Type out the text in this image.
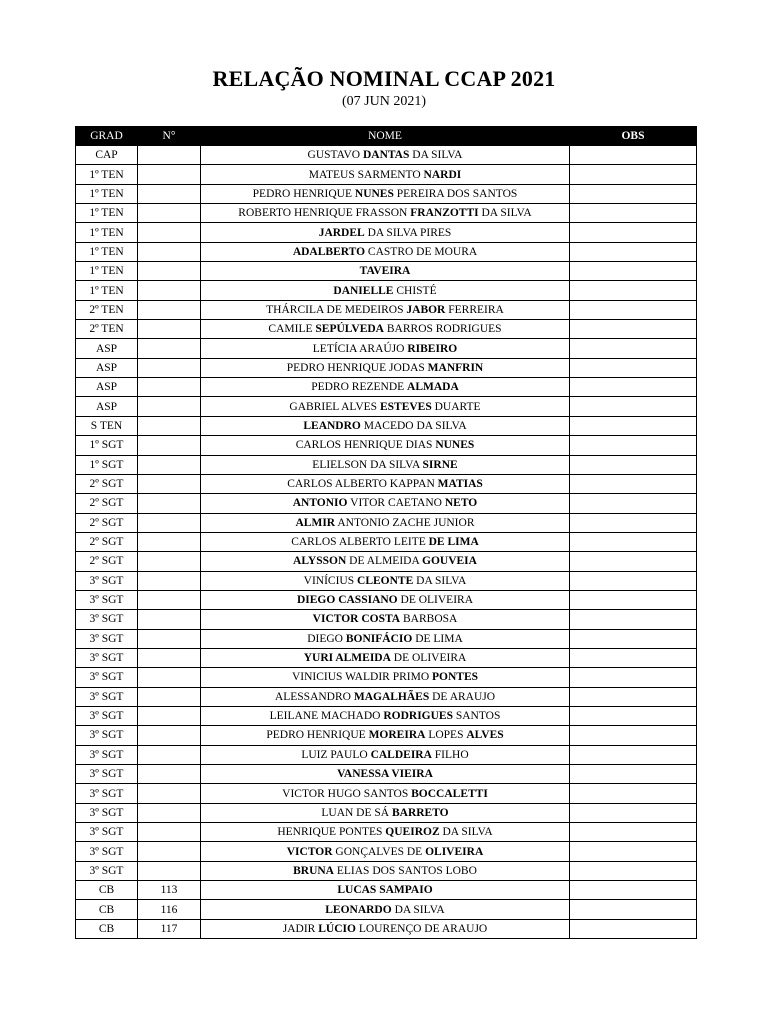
RELAÇÃO NOMINAL CCAP 2021
(07 JUN 2021)
GRAD	N°	NOME	OBS
CAP		GUSTAVO DANTAS DA SILVA	
1º TEN		MATEUS SARMENTO NARDI	
1º TEN		PEDRO HENRIQUE NUNES PEREIRA DOS SANTOS	
1º TEN		ROBERTO HENRIQUE FRASSON FRANZOTTI DA SILVA	
1º TEN		JARDEL DA SILVA PIRES	
1º TEN		ADALBERTO CASTRO DE MOURA	
1º TEN		TAVEIRA	
1º TEN		DANIELLE CHISTÉ	
2º TEN		THÁRCILA DE MEDEIROS JABOR FERREIRA	
2º TEN		CAMILE SEPÚLVEDA BARROS RODRIGUES	
ASP		LETÍCIA ARAÚJO RIBEIRO	
ASP		PEDRO HENRIQUE JODAS MANFRIN	
ASP		PEDRO REZENDE ALMADA	
ASP		GABRIEL ALVES ESTEVES DUARTE	
S TEN		LEANDRO MACEDO DA SILVA	
1º SGT		CARLOS HENRIQUE DIAS NUNES	
1º SGT		ELIELSON DA SILVA SIRNE	
2º SGT		CARLOS ALBERTO KAPPAN MATIAS	
2º SGT		ANTONIO VITOR CAETANO NETO	
2º SGT		ALMIR ANTONIO ZACHE JUNIOR	
2º SGT		CARLOS ALBERTO LEITE DE LIMA	
2º SGT		ALYSSON DE ALMEIDA GOUVEIA	
3º SGT		VINÍCIUS CLEONTE DA SILVA	
3º SGT		DIEGO CASSIANO DE OLIVEIRA	
3º SGT		VICTOR COSTA BARBOSA	
3º SGT		DIEGO BONIFÁCIO DE LIMA	
3º SGT		YURI ALMEIDA DE OLIVEIRA	
3º SGT		VINICIUS WALDIR PRIMO PONTES	
3º SGT		ALESSANDRO MAGALHÃES DE ARAUJO	
3º SGT		LEILANE MACHADO RODRIGUES SANTOS	
3º SGT		PEDRO HENRIQUE MOREIRA LOPES ALVES	
3º SGT		LUIZ PAULO CALDEIRA FILHO	
3º SGT		VANESSA VIEIRA	
3º SGT		VICTOR HUGO SANTOS BOCCALETTI	
3º SGT		LUAN DE SÁ BARRETO	
3º SGT		HENRIQUE PONTES QUEIROZ DA SILVA	
3º SGT		VICTOR GONÇALVES DE OLIVEIRA	
3º SGT		BRUNA ELIAS DOS SANTOS LOBO	
CB	113	LUCAS SAMPAIO	
CB	116	LEONARDO DA SILVA	
CB	117	JADIR LÚCIO LOURENÇO DE ARAUJO	
